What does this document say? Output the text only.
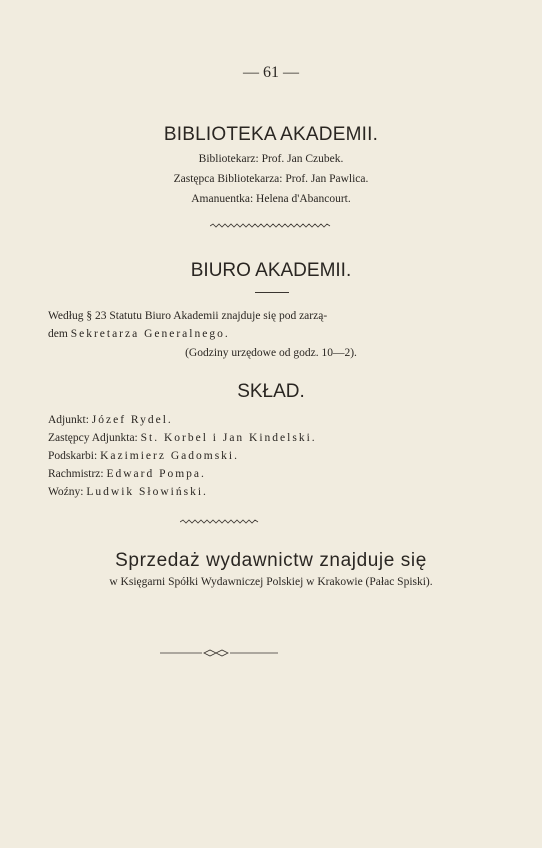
— 61 —
BIBLIOTEKA AKADEMII.
Bibliotekarz: Prof. Jan Czubek.
Zastępca Bibliotekarza: Prof. Jan Pawlica.
Amanuentka: Helena d'Abancourt.
BIURO AKADEMII.
Według § 23 Statutu Biuro Akademii znajduje się pod zarzą-
dem Sekretarza Generalnego.
(Godziny urzędowe od godz. 10—2).
SKŁAD.
Adjunkt: Józef Rydel.
Zastępcy Adjunkta: St. Korbel i Jan Kindelski.
Podskarbi: Kazimierz Gadomski.
Rachmistrz: Edward Pompa.
Woźny: Ludwik Słowiński.
Sprzedaż wydawnictw znajduje się
w Księgarni Spółki Wydawniczej Polskiej w Krakowie (Pałac Spiski).
